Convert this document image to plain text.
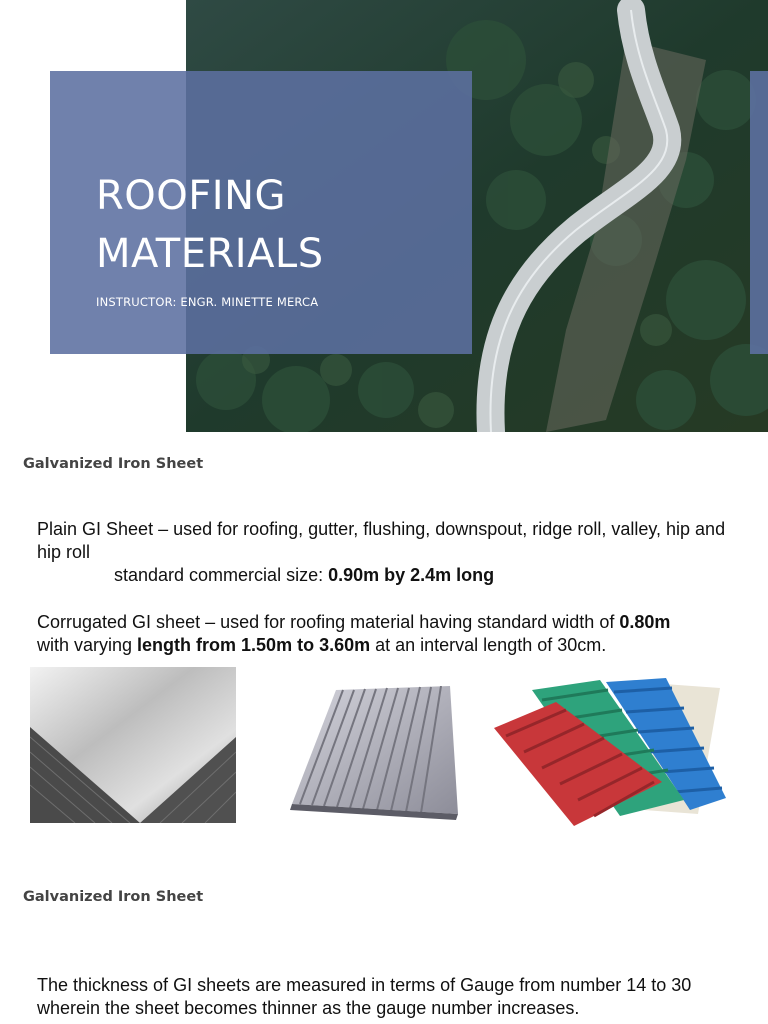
ROOFING
MATERIALS
INSTRUCTOR: ENGR. MINETTE MERCA
Galvanized Iron Sheet
Plain GI Sheet – used for roofing, gutter, flushing, downspout, ridge roll, valley, hip and hip roll
standard commercial size: 0.90m by 2.4m long
Corrugated GI sheet – used for roofing material having standard width of 0.80m
with varying length from 1.50m to 3.60m at an interval length of 30cm.
Galvanized Iron Sheet
The thickness of GI sheets are measured in terms of Gauge from number 14 to 30 wherein the sheet becomes thinner as the gauge number increases.
